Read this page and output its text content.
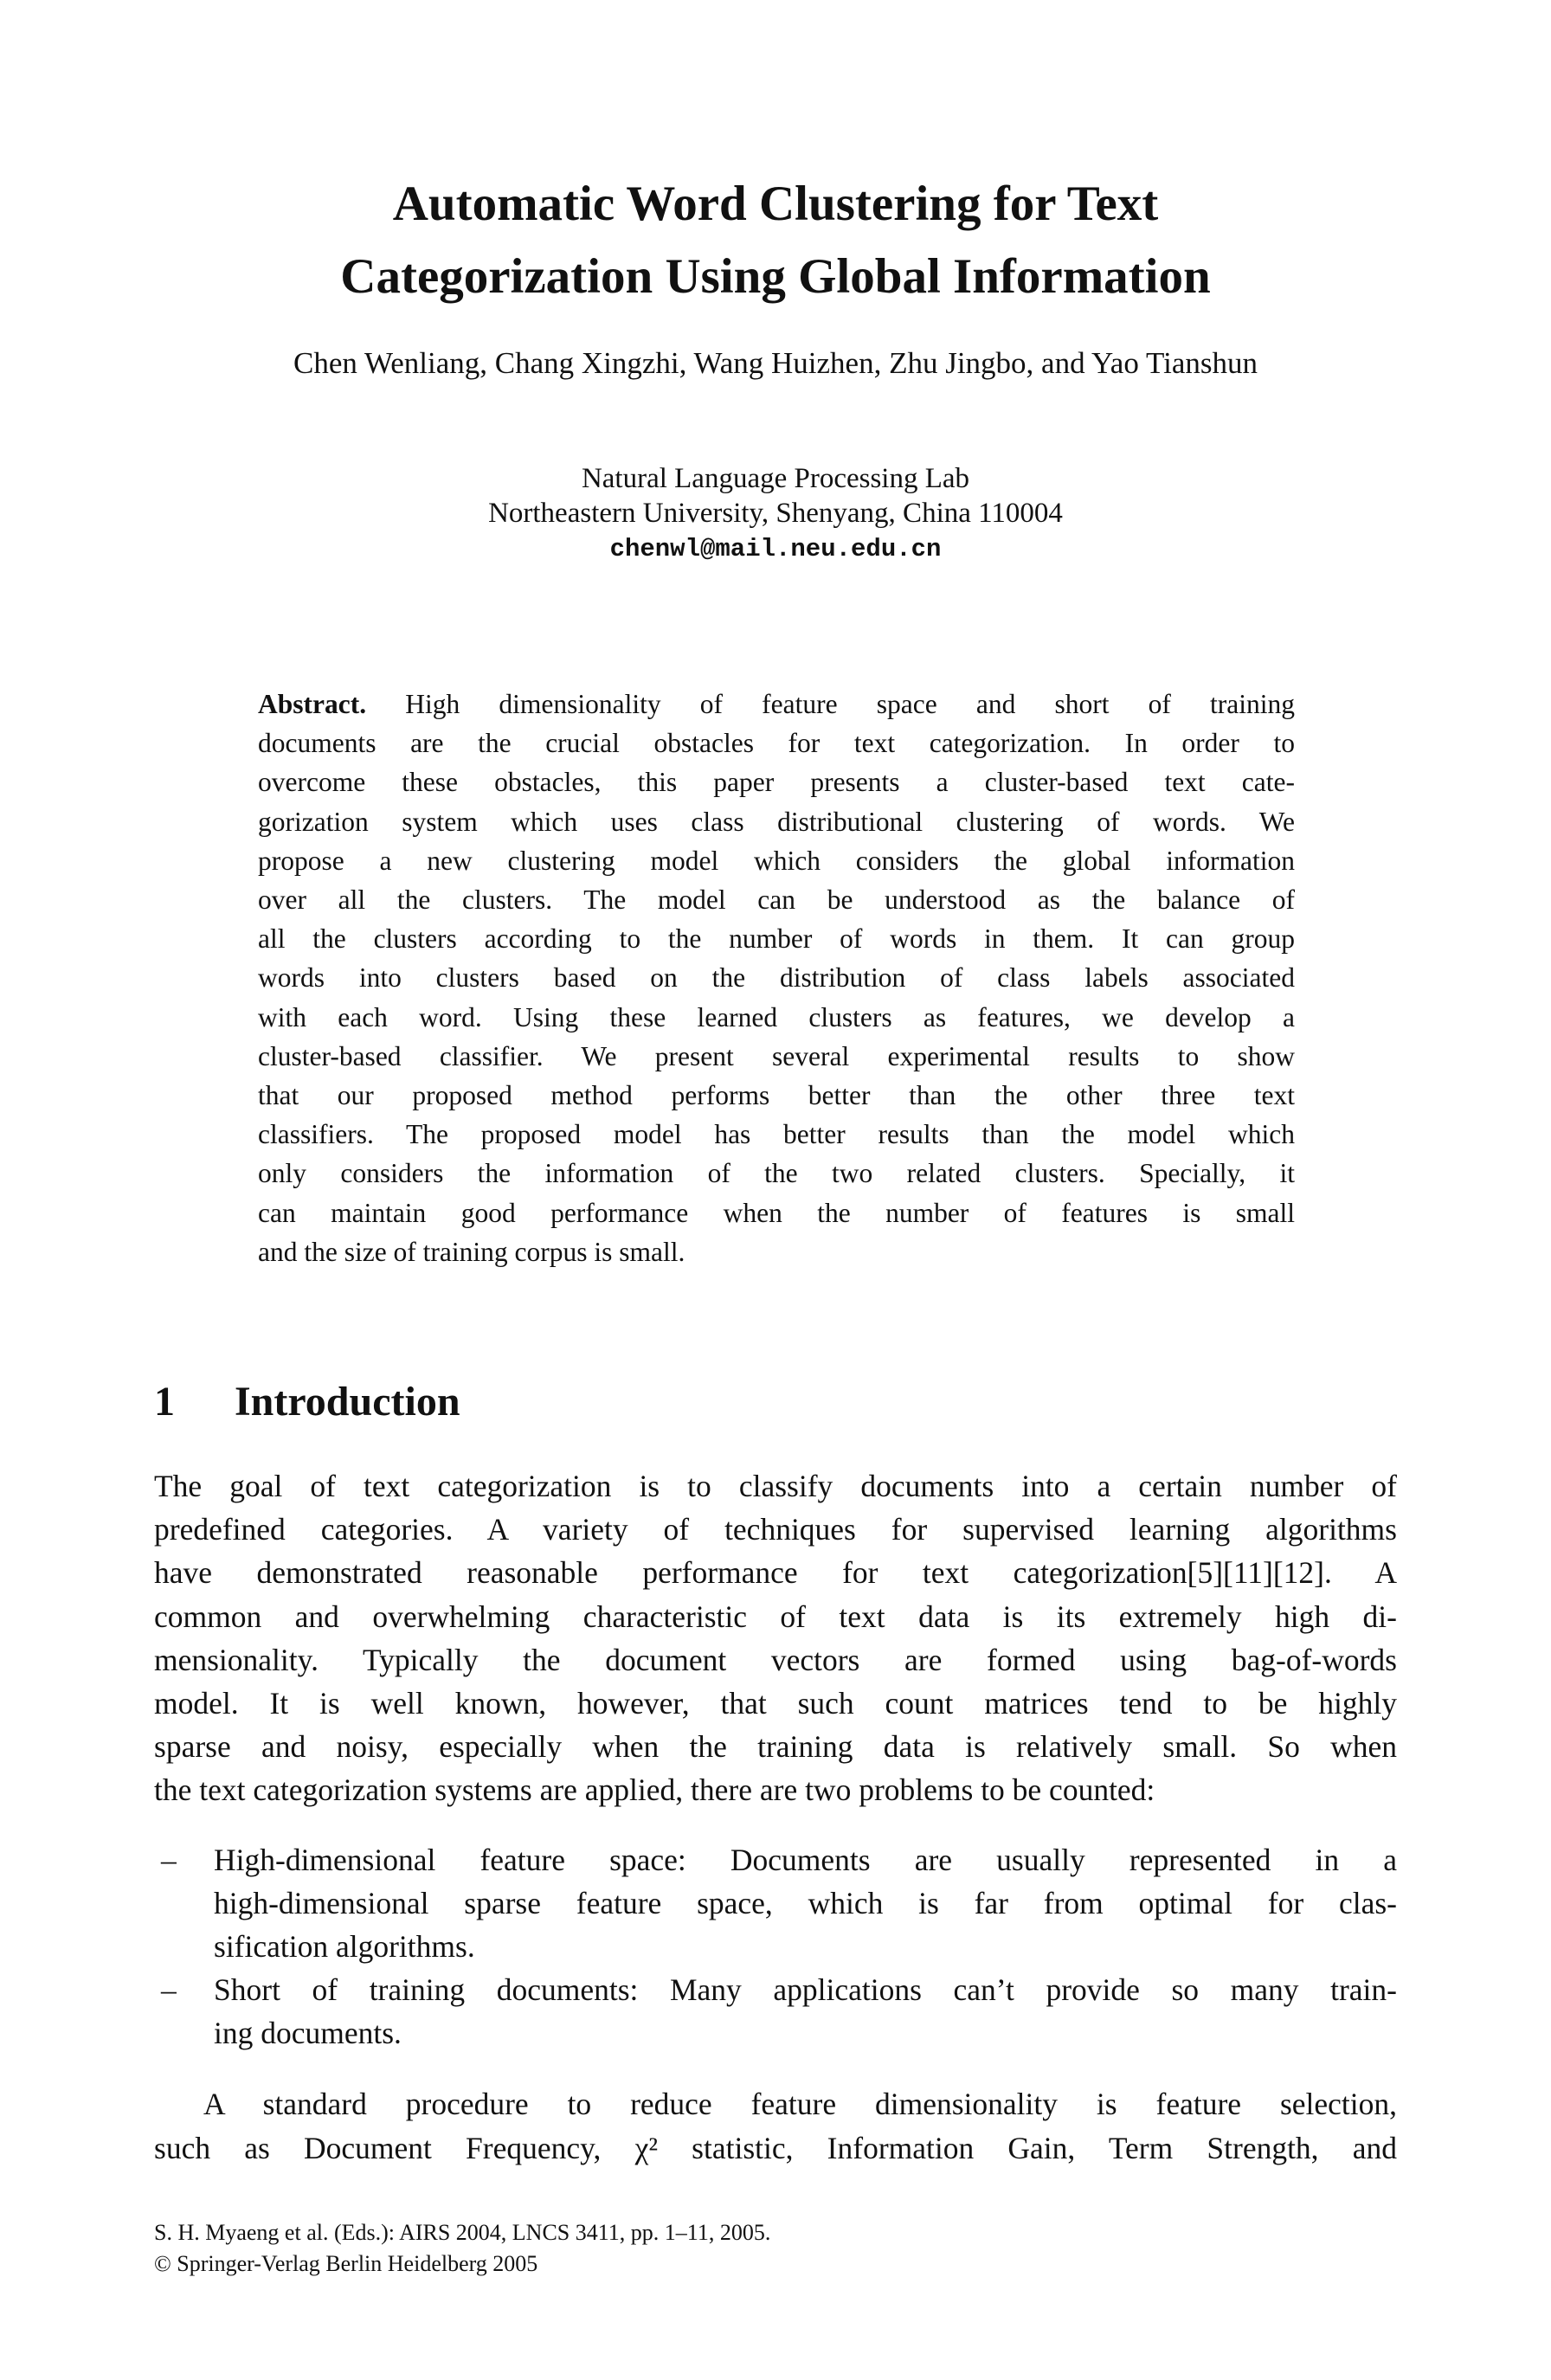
Automatic Word Clustering for Text
Categorization Using Global Information
Chen Wenliang, Chang Xingzhi, Wang Huizhen, Zhu Jingbo, and Yao Tianshun
Natural Language Processing Lab
Northeastern University, Shenyang, China 110004
chenwl@mail.neu.edu.cn
Abstract. High dimensionality of feature space and short of training
documents are the crucial obstacles for text categorization. In order to
overcome these obstacles, this paper presents a cluster-based text cate-
gorization system which uses class distributional clustering of words. We
propose a new clustering model which considers the global information
over all the clusters. The model can be understood as the balance of
all the clusters according to the number of words in them. It can group
words into clusters based on the distribution of class labels associated
with each word. Using these learned clusters as features, we develop a
cluster-based classifier. We present several experimental results to show
that our proposed method performs better than the other three text
classifiers. The proposed model has better results than the model which
only considers the information of the two related clusters. Specially, it
can maintain good performance when the number of features is small
and the size of training corpus is small.
1 Introduction
The goal of text categorization is to classify documents into a certain number of
predefined categories. A variety of techniques for supervised learning algorithms
have demonstrated reasonable performance for text categorization[5][11][12]. A
common and overwhelming characteristic of text data is its extremely high di-
mensionality. Typically the document vectors are formed using bag-of-words
model. It is well known, however, that such count matrices tend to be highly
sparse and noisy, especially when the training data is relatively small. So when
the text categorization systems are applied, there are two problems to be counted:
–	High-dimensional feature space: Documents are usually represented in a
high-dimensional sparse feature space, which is far from optimal for clas-
sification algorithms.
–	Short of training documents: Many applications can’t provide so many train-
ing documents.
A standard procedure to reduce feature dimensionality is feature selection,
such as Document Frequency, χ² statistic, Information Gain, Term Strength, and
S. H. Myaeng et al. (Eds.): AIRS 2004, LNCS 3411, pp. 1–11, 2005.
© Springer-Verlag Berlin Heidelberg 2005
